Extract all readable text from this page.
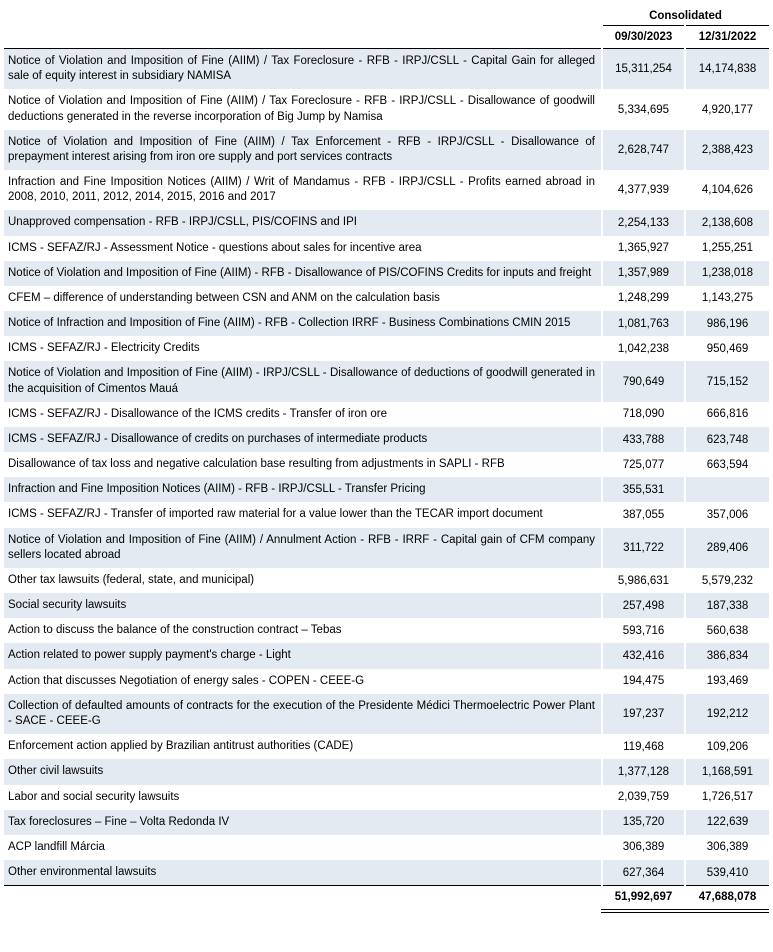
	Consolidated	
	09/30/2023	12/31/2022
Notice of Violation and Imposition of Fine (AIIM) / Tax Foreclosure - RFB - IRPJ/CSLL - Capital Gain for alleged sale of equity interest in subsidiary NAMISA	15,311,254	14,174,838
Notice of Violation and Imposition of Fine (AIIM) / Tax Foreclosure - RFB - IRPJ/CSLL - Disallowance of goodwill deductions generated in the reverse incorporation of Big Jump by Namisa	5,334,695	4,920,177
Notice of Violation and Imposition of Fine (AIIM) / Tax Enforcement - RFB - IRPJ/CSLL - Disallowance of prepayment interest arising from iron ore supply and port services contracts	2,628,747	2,388,423
Infraction and Fine Imposition Notices (AIIM) / Writ of Mandamus - RFB - IRPJ/CSLL - Profits earned abroad in 2008, 2010, 2011, 2012, 2014, 2015, 2016 and 2017	4,377,939	4,104,626
Unapproved compensation - RFB - IRPJ/CSLL, PIS/COFINS and IPI	2,254,133	2,138,608
ICMS - SEFAZ/RJ - Assessment Notice - questions about sales for incentive area	1,365,927	1,255,251
Notice of Violation and Imposition of Fine (AIIM) - RFB - Disallowance of PIS/COFINS Credits for inputs and freight	1,357,989	1,238,018
CFEM – difference of understanding between CSN and ANM on the calculation basis	1,248,299	1,143,275
Notice of Infraction and Imposition of Fine (AIIM) - RFB - Collection IRRF - Business Combinations CMIN 2015	1,081,763	986,196
ICMS - SEFAZ/RJ - Electricity Credits	1,042,238	950,469
Notice of Violation and Imposition of Fine (AIIM) - IRPJ/CSLL - Disallowance of deductions of goodwill generated in the acquisition of Cimentos Mauá	790,649	715,152
ICMS - SEFAZ/RJ - Disallowance of the ICMS credits - Transfer of iron ore	718,090	666,816
ICMS - SEFAZ/RJ - Disallowance of credits on purchases of intermediate products	433,788	623,748
Disallowance of tax loss and negative calculation base resulting from adjustments in SAPLI - RFB	725,077	663,594
Infraction and Fine Imposition Notices (AIIM) - RFB - IRPJ/CSLL - Transfer Pricing	355,531	
ICMS - SEFAZ/RJ - Transfer of imported raw material for a value lower than the TECAR import document	387,055	357,006
Notice of Violation and Imposition of Fine (AIIM) / Annulment Action - RFB - IRRF - Capital gain of CFM company sellers located abroad	311,722	289,406
Other tax lawsuits (federal, state, and municipal)	5,986,631	5,579,232
Social security lawsuits	257,498	187,338
Action to discuss the balance of the construction contract – Tebas	593,716	560,638
Action related to power supply payment's charge - Light	432,416	386,834
Action that discusses Negotiation of energy sales - COPEN - CEEE-G	194,475	193,469
Collection of defaulted amounts of contracts for the execution of the Presidente Médici Thermoelectric Power Plant - SACE - CEEE-G	197,237	192,212
Enforcement action applied by Brazilian antitrust authorities (CADE)	119,468	109,206
Other civil lawsuits	1,377,128	1,168,591
Labor and social security lawsuits	2,039,759	1,726,517
Tax foreclosures – Fine – Volta Redonda IV	135,720	122,639
ACP landfill Márcia	306,389	306,389
Other environmental lawsuits	627,364	539,410
	51,992,697	47,688,078
